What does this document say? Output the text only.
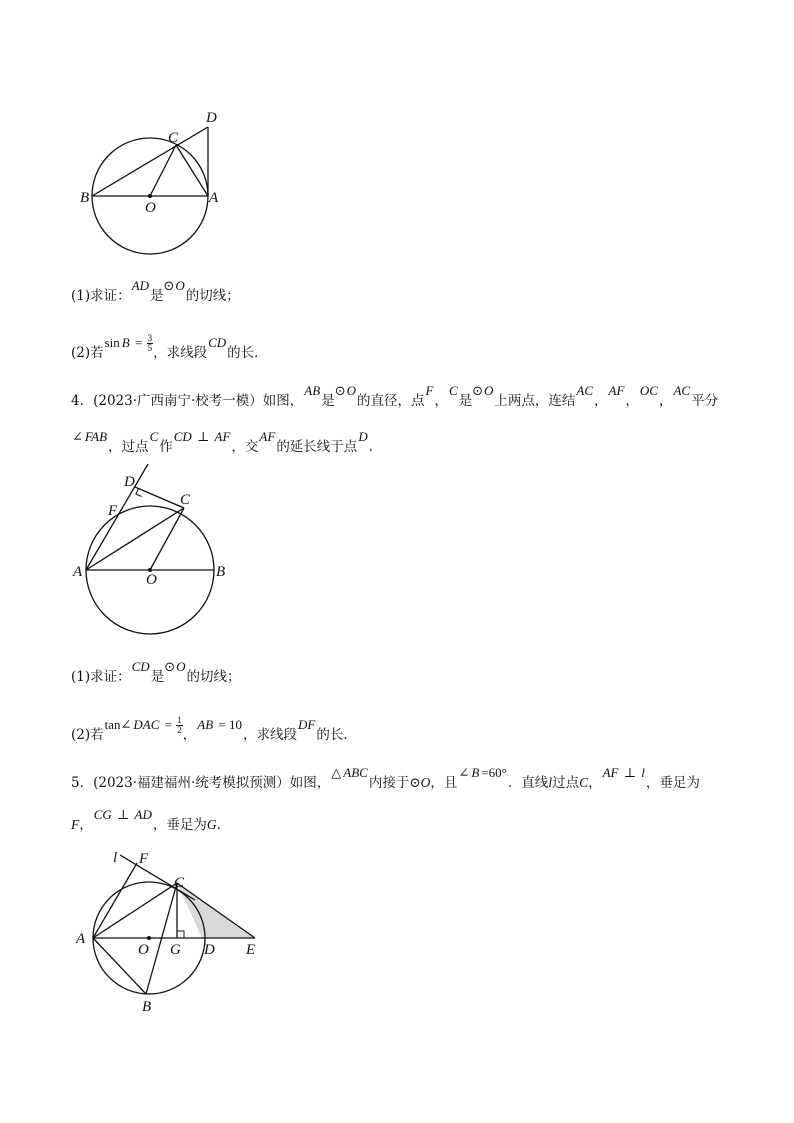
D
C
B
O
A
(1)求证：AD是⊙O的切线；
(2)若$\sin B = \frac{3}{5}$ ，求线段CD的长．
4．(2023·广西南宁·校考一模）如图，AB是⊙O的直径，点F，C是⊙O上两点，连结AC，AF，OC，AC平分
∠ FAB，过点C作CD ⊥ AF，交AF的延长线于点D．
D
F
C
A	O	B
(1)求证：CD是⊙O的切线；
(2)若tan∠ DAC = $\frac{1}{2}$ ，AB = 10，求线段DF的长．
5．(2023·福建福州·统考模拟预测）如图，△ ABC内接于⊙O，且∠ B =60°．直线l过点C，AF ⊥ l，垂足为
F，CG ⊥ AD，垂足为G．
l F
C
A
O G D E
B
